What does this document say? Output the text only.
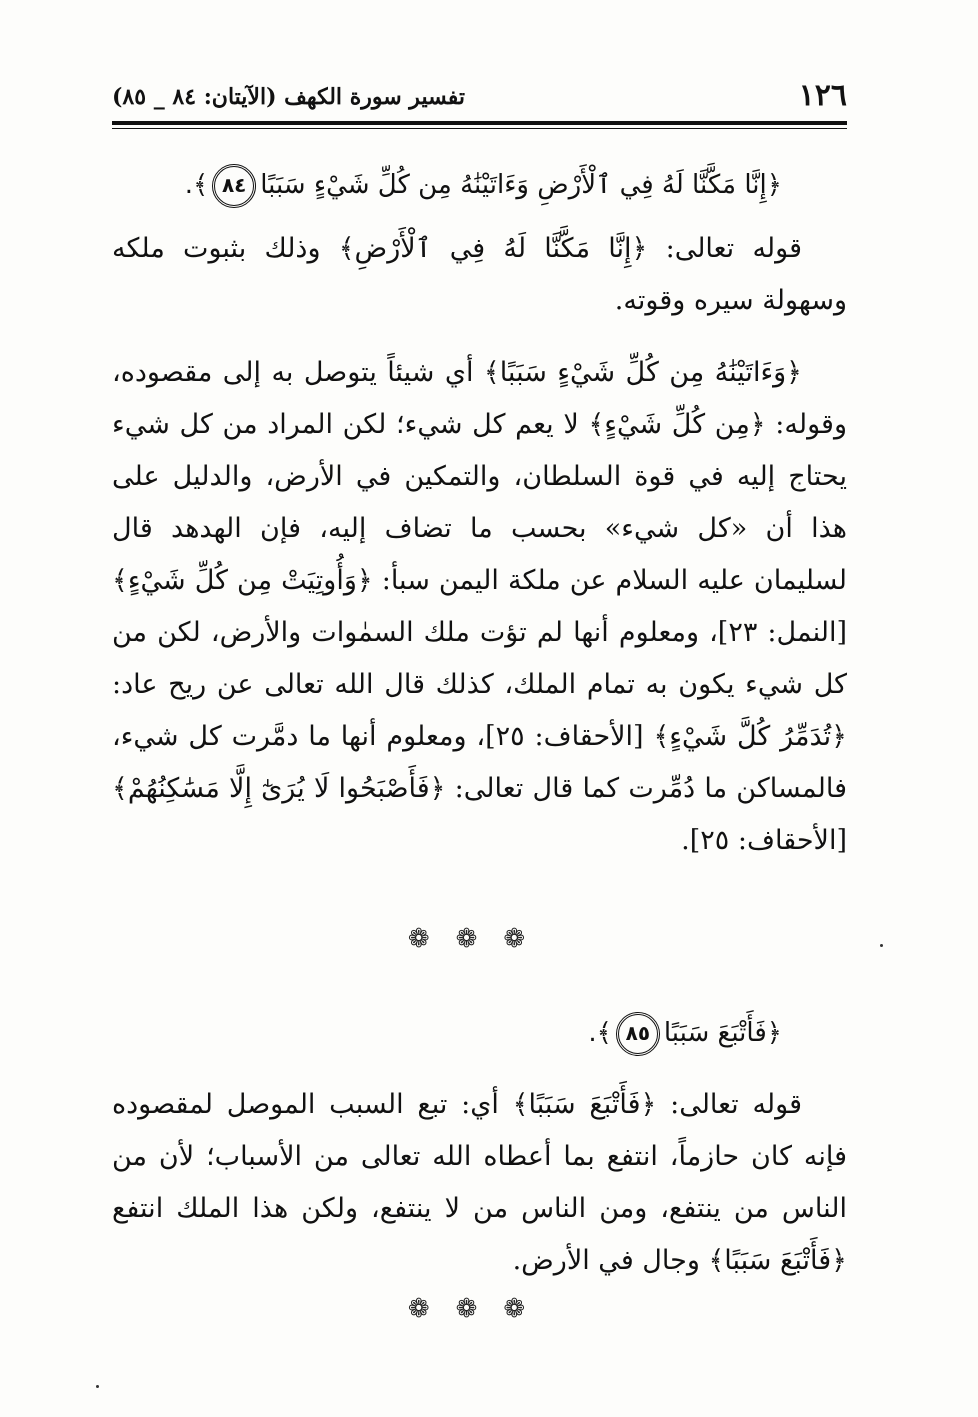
١٢٦
تفسير سورة الكهف (الآيتان: ٨٤ _ ٨٥)

﴿إِنَّا مَكَّنَّا لَهُ فِي ٱلْأَرْضِ وَءَاتَيْنَٰهُ مِن كُلِّ شَيْءٍ سَبَبًا٨٤﴾.

قوله تعالى: ﴿إِنَّا مَكَّنَّا لَهُ فِي ٱلْأَرْضِ﴾ وذلك بثبوت ملكه وسهولة سيره وقوته.

﴿وَءَاتَيْنَٰهُ مِن كُلِّ شَيْءٍ سَبَبًا﴾ أي شيئاً يتوصل به إلى مقصوده، وقوله: ﴿مِن كُلِّ شَيْءٍ﴾ لا يعم كل شيء؛ لكن المراد من كل شيء يحتاج إليه في قوة السلطان، والتمكين في الأرض، والدليل على هذا أن «كل شيء» بحسب ما تضاف إليه، فإن الهدهد قال لسليمان عليه السلام عن ملكة اليمن سبأ: ﴿وَأُوتِيَتْ مِن كُلِّ شَيْءٍ﴾ [النمل: ٢٣]، ومعلوم أنها لم تؤت ملك السمٰوات والأرض، لكن من كل شيء يكون به تمام الملك، كذلك قال الله تعالى عن ريح عاد: ﴿تُدَمِّرُ كُلَّ شَيْءٍ﴾ [الأحقاف: ٢٥]، ومعلوم أنها ما دمَّرت كل شيء، فالمساكن ما دُمِّرت كما قال تعالى: ﴿فَأَصْبَحُوا لَا يُرَىٰٓ إِلَّا مَسَٰكِنُهُمْ﴾ [الأحقاف: ٢٥].

❁❁❁

﴿فَأَتْبَعَ سَبَبًا٨٥﴾.

قوله تعالى: ﴿فَأَتْبَعَ سَبَبًا﴾ أي: تبع السبب الموصل لمقصوده فإنه كان حازماً، انتفع بما أعطاه الله تعالى من الأسباب؛ لأن من الناس من ينتفع، ومن الناس من لا ينتفع، ولكن هذا الملك انتفع ﴿فَأَتْبَعَ سَبَبًا﴾ وجال في الأرض.

❁❁❁
